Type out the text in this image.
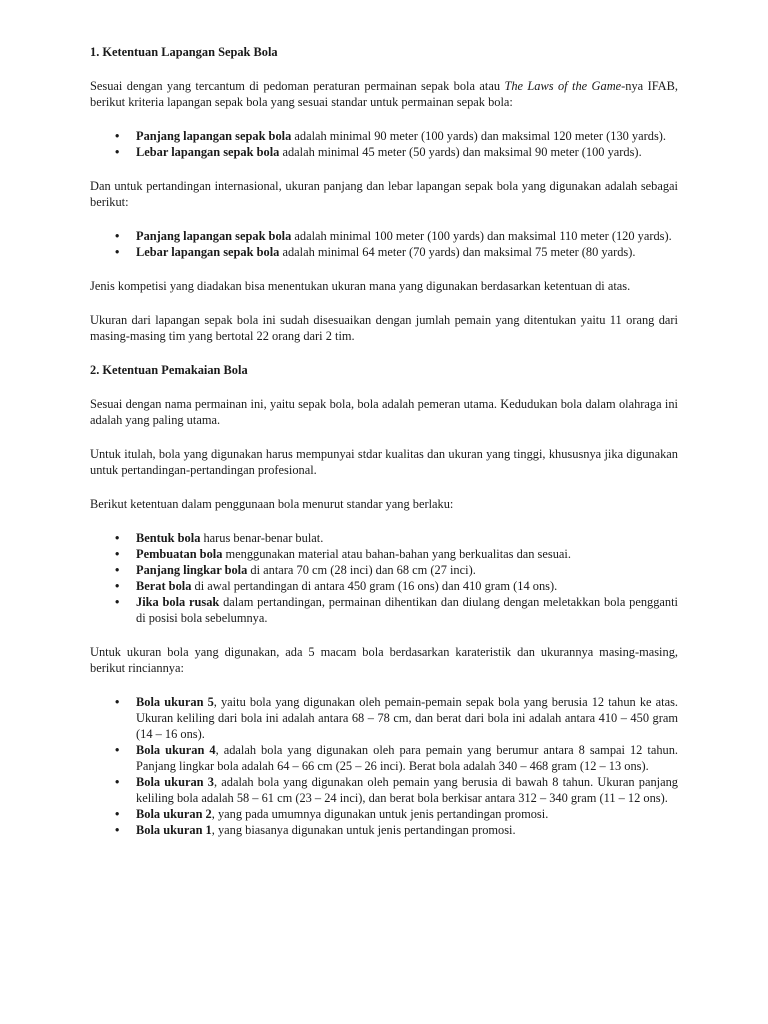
1. Ketentuan Lapangan Sepak Bola

Sesuai dengan yang tercantum di pedoman peraturan permainan sepak bola atau The Laws of the Game-nya IFAB, berikut kriteria lapangan sepak bola yang sesuai standar untuk permainan sepak bola:

• Panjang lapangan sepak bola adalah minimal 90 meter (100 yards) dan maksimal 120 meter (130 yards).
• Lebar lapangan sepak bola adalah minimal 45 meter (50 yards) dan maksimal 90 meter (100 yards).

Dan untuk pertandingan internasional, ukuran panjang dan lebar lapangan sepak bola yang digunakan adalah sebagai berikut:

• Panjang lapangan sepak bola adalah minimal 100 meter (100 yards) dan maksimal 110 meter (120 yards).
• Lebar lapangan sepak bola adalah minimal 64 meter (70 yards) dan maksimal 75 meter (80 yards).

Jenis kompetisi yang diadakan bisa menentukan ukuran mana yang digunakan berdasarkan ketentuan di atas.

Ukuran dari lapangan sepak bola ini sudah disesuaikan dengan jumlah pemain yang ditentukan yaitu 11 orang dari masing-masing tim yang bertotal 22 orang dari 2 tim.

2. Ketentuan Pemakaian Bola

Sesuai dengan nama permainan ini, yaitu sepak bola, bola adalah pemeran utama. Kedudukan bola dalam olahraga ini adalah yang paling utama.

Untuk itulah, bola yang digunakan harus mempunyai stdar kualitas dan ukuran yang tinggi, khususnya jika digunakan untuk pertandingan-pertandingan profesional.

Berikut ketentuan dalam penggunaan bola menurut standar yang berlaku:

• Bentuk bola harus benar-benar bulat.
• Pembuatan bola menggunakan material atau bahan-bahan yang berkualitas dan sesuai.
• Panjang lingkar bola di antara 70 cm (28 inci) dan 68 cm (27 inci).
• Berat bola di awal pertandingan di antara 450 gram (16 ons) dan 410 gram (14 ons).
• Jika bola rusak dalam pertandingan, permainan dihentikan dan diulang dengan meletakkan bola pengganti di posisi bola sebelumnya.

Untuk ukuran bola yang digunakan, ada 5 macam bola berdasarkan karateristik dan ukurannya masing-masing, berikut rinciannya:

• Bola ukuran 5, yaitu bola yang digunakan oleh pemain-pemain sepak bola yang berusia 12 tahun ke atas. Ukuran keliling dari bola ini adalah antara 68 – 78 cm, dan berat dari bola ini adalah antara 410 – 450 gram (14 – 16 ons).
• Bola ukuran 4, adalah bola yang digunakan oleh para pemain yang berumur antara 8 sampai 12 tahun. Panjang lingkar bola adalah 64 – 66 cm (25 – 26 inci). Berat bola adalah 340 – 468 gram (12 – 13 ons).
• Bola ukuran 3, adalah bola yang digunakan oleh pemain yang berusia di bawah 8 tahun. Ukuran panjang keliling bola adalah 58 – 61 cm (23 – 24 inci), dan berat bola berkisar antara 312 – 340 gram (11 – 12 ons).
• Bola ukuran 2, yang pada umumnya digunakan untuk jenis pertandingan promosi.
• Bola ukuran 1, yang biasanya digunakan untuk jenis pertandingan promosi.
